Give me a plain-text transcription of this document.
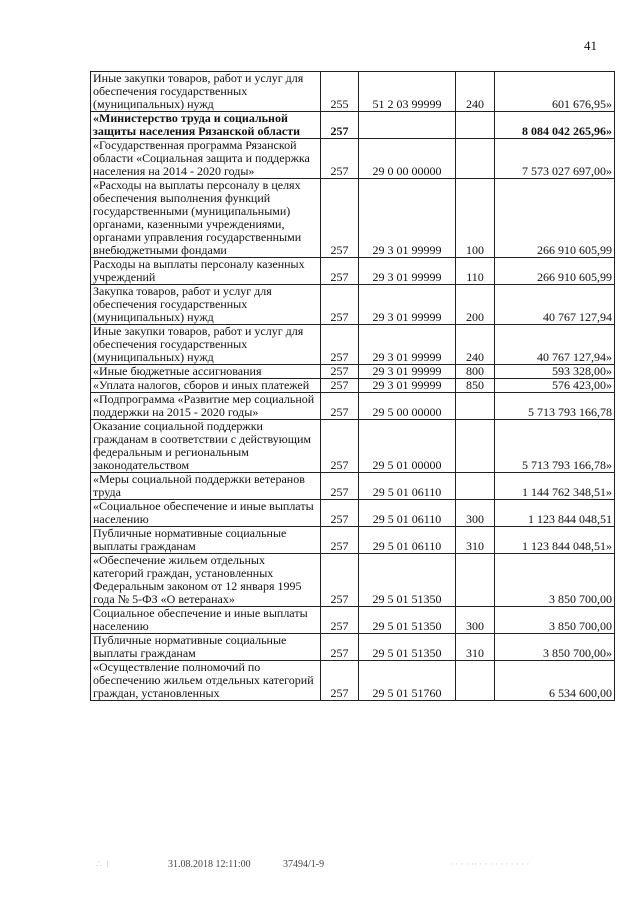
41
Иные закупки товаров, работ и услуг для обеспечения государственных (муниципальных) нужд	255	51 2 03 99999	240	601 676,95»
«Министерство труда и социальной защиты населения Рязанской области	257			8 084 042 265,96»
«Государственная программа Рязанской области «Социальная защита и поддержка населения на 2014 - 2020 годы»	257	29 0 00 00000		7 573 027 697,00»
«Расходы на выплаты персоналу в целях обеспечения выполнения функций государственными (муниципальными) органами, казенными учреждениями, органами управления государственными внебюджетными фондами	257	29 3 01 99999	100	266 910 605,99
Расходы на выплаты персоналу казенных учреждений	257	29 3 01 99999	110	266 910 605,99
Закупка товаров, работ и услуг для обеспечения государственных (муниципальных) нужд	257	29 3 01 99999	200	40 767 127,94
Иные закупки товаров, работ и услуг для обеспечения государственных (муниципальных) нужд	257	29 3 01 99999	240	40 767 127,94»
«Иные бюджетные ассигнования	257	29 3 01 99999	800	593 328,00»
«Уплата налогов, сборов и иных платежей	257	29 3 01 99999	850	576 423,00»
«Подпрограмма «Развитие мер социальной поддержки на 2015 - 2020 годы»	257	29 5 00 00000		5 713 793 166,78
Оказание социальной поддержки гражданам в соответствии с действующим федеральным и региональным законодательством	257	29 5 01 00000		5 713 793 166,78»
«Меры социальной поддержки ветеранов труда	257	29 5 01 06110		1 144 762 348,51»
«Социальное обеспечение и иные выплаты населению	257	29 5 01 06110	300	1 123 844 048,51
Публичные нормативные социальные выплаты гражданам	257	29 5 01 06110	310	1 123 844 048,51»
«Обеспечение жильем отдельных категорий граждан, установленных Федеральным законом от 12 января 1995 года № 5-ФЗ «О ветеранах»	257	29 5 01 51350		3 850 700,00
Социальное обеспечение и иные выплаты населению	257	29 5 01 51350	300	3 850 700,00
Публичные нормативные социальные выплаты гражданам	257	29 5 01 51350	310	3 850 700,00»
«Осуществление полномочий по обеспечению жильем отдельных категорий граждан, установленных	257	29 5 01 51760		6 534 600,00
∴ ⁝	31.08.2018 12:11:00	37494/1-9	· · · · ·· · · · · · · · · · ·
